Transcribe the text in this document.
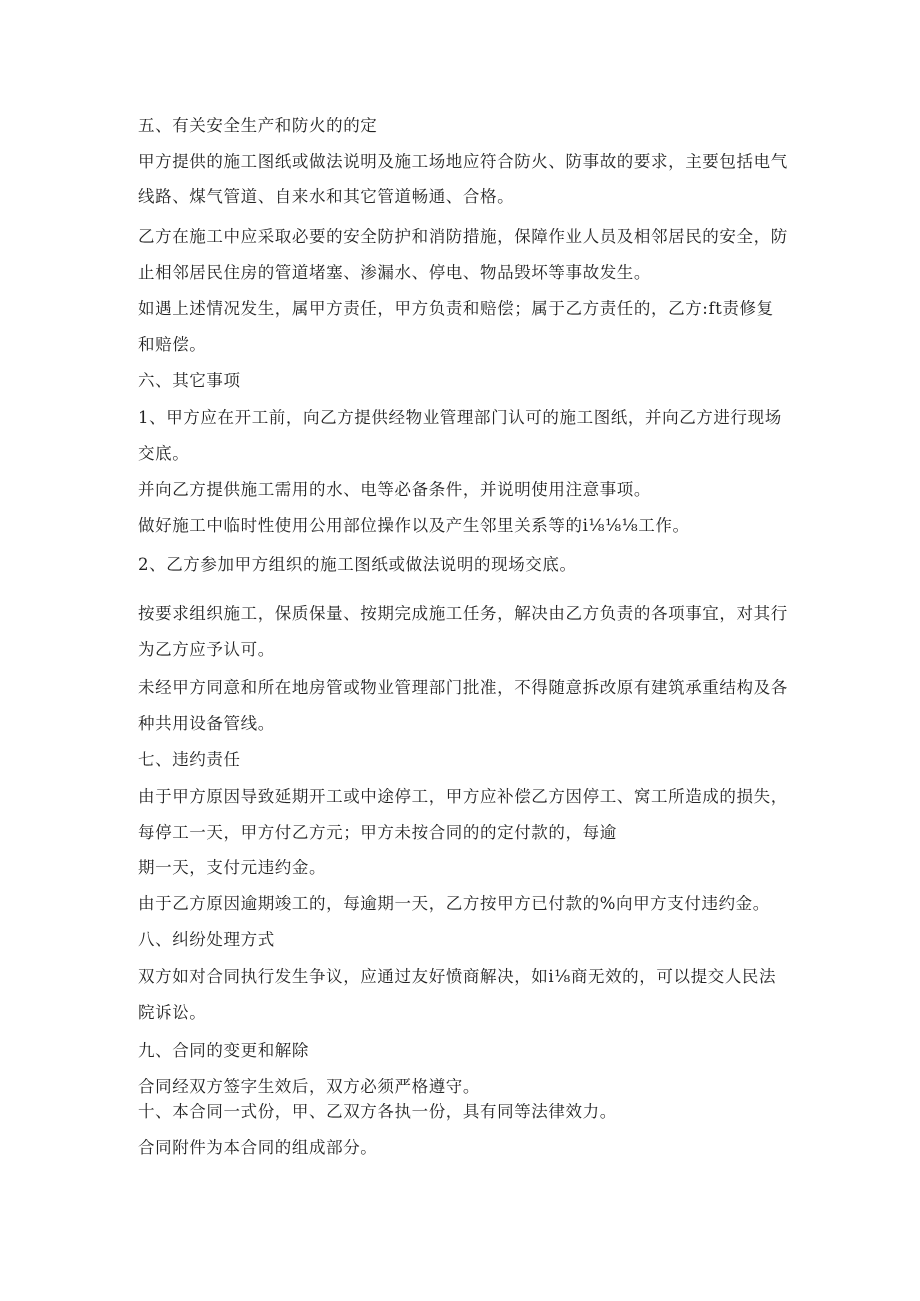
五、有关安全生产和防火的的定
甲方提供的施工图纸或做法说明及施工场地应符合防火、防事故的要求，主要包括电气
线路、煤气管道、自来水和其它管道畅通、合格。
乙方在施工中应采取必要的安全防护和消防措施，保障作业人员及相邻居民的安全，防
止相邻居民住房的管道堵塞、渗漏水、停电、物品毁坏等事故发生。
如遇上述情况发生，属甲方责任，甲方负责和赔偿；属于乙方责任的，乙方:ft责修复
和赔偿。
六、其它事项
1、甲方应在开工前，向乙方提供经物业管理部门认可的施工图纸，并向乙方进行现场
交底。
并向乙方提供施工需用的水、电等必备条件，并说明使用注意事项。
做好施工中临时性使用公用部位操作以及产生邻里关系等的i⅛⅛⅛工作。
2、乙方参加甲方组织的施工图纸或做法说明的现场交底。
按要求组织施工，保质保量、按期完成施工任务，解决由乙方负责的各项事宜，对其行
为乙方应予认可。
未经甲方同意和所在地房管或物业管理部门批准，不得随意拆改原有建筑承重结构及各
种共用设备管线。
七、违约责任
由于甲方原因导致延期开工或中途停工，甲方应补偿乙方因停工、窝工所造成的损失，
每停工一天，甲方付乙方元；甲方未按合同的的定付款的，每逾
期一天，支付元违约金。
由于乙方原因逾期竣工的，每逾期一天，乙方按甲方已付款的%向甲方支付违约金。
八、纠纷处理方式
双方如对合同执行发生争议，应通过友好愤商解决，如i⅛商无效的，可以提交人民法
院诉讼。
九、合同的变更和解除
合同经双方签字生效后，双方必须严格遵守。
十、本合同一式份，甲、乙双方各执一份，具有同等法律效力。
合同附件为本合同的组成部分。
